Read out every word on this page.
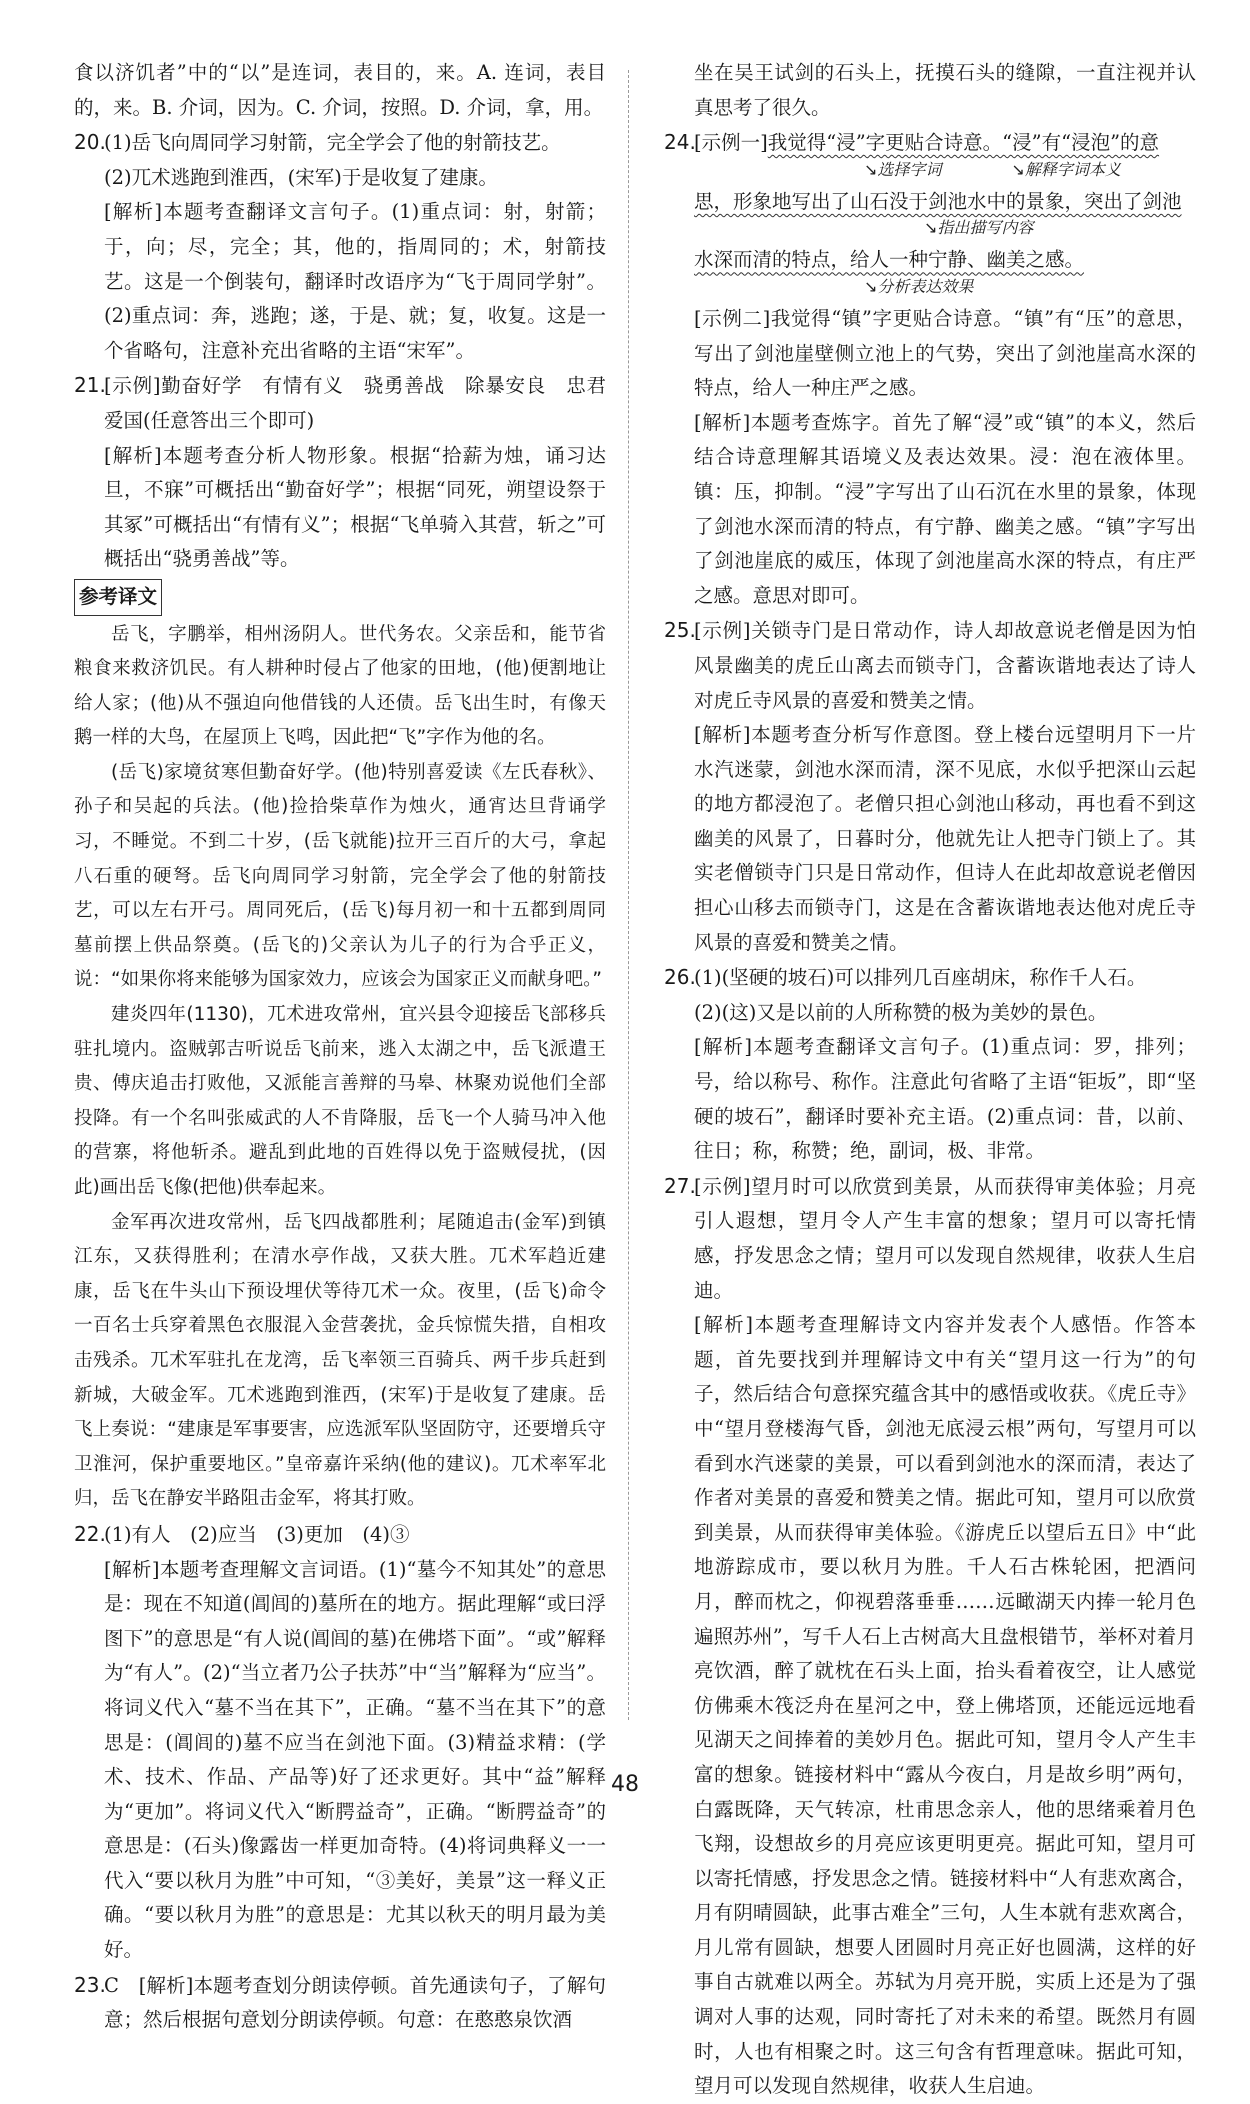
食以济饥者”中的“以”是连词，表目的，来。A. 连词，表目的，来。B. 介词，因为。C. 介词，按照。D. 介词，拿，用。

20.(1)岳飞向周同学习射箭，完全学会了他的射箭技艺。

(2)兀术逃跑到淮西，(宋军)于是收复了建康。

[ 解析 ] 本题考查翻译文言句子。(1)重点词：射，射箭；于，向；尽，完全；其，他的，指周同的；术，射箭技艺。这是一个倒装句，翻译时改语序为“飞于周同学射”。(2)重点词：奔，逃跑；遂，于是、就；复，收复。这是一个省略句，注意补充出省略的主语“宋军”。

21. [ 示例 ] 勤奋好学　有情有义　骁勇善战　除暴安良　忠君爱国(任意答出三个即可)

[ 解析 ] 本题考查分析人物形象。根据“拾薪为烛，诵习达旦，不寐”可概括出“勤奋好学”；根据“同死，朔望设祭于其冢”可概括出“有情有义”；根据“飞单骑入其营，斩之”可概括出“骁勇善战”等。

参考译文

岳飞，字鹏举，相州汤阴人。世代务农。父亲岳和，能节省粮食来救济饥民。有人耕种时侵占了他家的田地，(他)便割地让给人家；(他)从不强迫向他借钱的人还债。岳飞出生时，有像天鹅一样的大鸟，在屋顶上飞鸣，因此把“飞”字作为他的名。

(岳飞)家境贫寒但勤奋好学。(他)特别喜爱读《左氏春秋》、孙子和吴起的兵法。(他)捡拾柴草作为烛火，通宵达旦背诵学习，不睡觉。不到二十岁，(岳飞就能)拉开三百斤的大弓，拿起八石重的硬弩。岳飞向周同学习射箭，完全学会了他的射箭技艺，可以左右开弓。周同死后，(岳飞)每月初一和十五都到周同墓前摆上供品祭奠。(岳飞的)父亲认为儿子的行为合乎正义，说：“如果你将来能够为国家效力，应该会为国家正义而献身吧。”

建炎四年(1130)，兀术进攻常州，宜兴县令迎接岳飞部移兵驻扎境内。盗贼郭吉听说岳飞前来，逃入太湖之中，岳飞派遣王贵、傅庆追击打败他，又派能言善辩的马皋、林聚劝说他们全部投降。有一个名叫张威武的人不肯降服，岳飞一个人骑马冲入他的营寨，将他斩杀。避乱到此地的百姓得以免于盗贼侵扰，(因此)画出岳飞像(把他)供奉起来。

金军再次进攻常州，岳飞四战都胜利；尾随追击(金军)到镇江东，又获得胜利；在清水亭作战，又获大胜。兀术军趋近建康，岳飞在牛头山下预设埋伏等待兀术一众。夜里，(岳飞)命令一百名士兵穿着黑色衣服混入金营袭扰，金兵惊慌失措，自相攻击残杀。兀术军驻扎在龙湾，岳飞率领三百骑兵、两千步兵赶到新城，大破金军。兀术逃跑到淮西，(宋军)于是收复了建康。岳飞上奏说：“建康是军事要害，应选派军队坚固防守，还要增兵守卫淮河，保护重要地区。”皇帝嘉许采纳(他的建议)。兀术率军北归，岳飞在静安半路阻击金军，将其打败。

22.(1)有人　(2)应当　(3)更加　(4)③

[ 解析 ] 本题考查理解文言词语。(1)“墓今不知其处”的意思是：现在不知道(阊闾的)墓所在的地方。据此理解“或曰浮图下”的意思是“有人说(阊闾的墓)在佛塔下面”。“或”解释为“有人”。(2)“当立者乃公子扶苏”中“当”解释为“应当”。将词义代入“墓不当在其下”，正确。“墓不当在其下”的意思是：(阊闾的)墓不应当在剑池下面。(3)精益求精：(学术、技术、作品、产品等)好了还求更好。其中“益”解释为“更加”。将词义代入“断腭益奇”，正确。“断腭益奇”的意思是：(石头)像露齿一样更加奇特。(4)将词典释义一一代入“要以秋月为胜”中可知，“③美好，美景”这一释义正确。“要以秋月为胜”的意思是：尤其以秋天的明月最为美好。

23.C　 [ 解析 ] 本题考查划分朗读停顿。首先通读句子，了解句意；然后根据句意划分朗读停顿。句意：在憨憨泉饮酒

坐在吴王试剑的石头上，抚摸石头的缝隙，一直注视并认真思考了很久。

24. [ 示例一 ] 我觉得“浸”字更贴合诗意。“浸”有“浸泡”的意

↘选择字词	↘解释字词本义

思，形象地写出了山石没于剑池水中的景象，突出了剑池

↘指出描写内容

水深而清的特点，给人一种宁静、幽美之感。

↘分析表达效果

[ 示例二 ] 我觉得“镇”字更贴合诗意。“镇”有“压”的意思，写出了剑池崖壁侧立池上的气势，突出了剑池崖高水深的特点，给人一种庄严之感。

[ 解析 ] 本题考查炼字。首先了解“浸”或“镇”的本义，然后结合诗意理解其语境义及表达效果。浸：泡在液体里。镇：压，抑制。“浸”字写出了山石沉在水里的景象，体现了剑池水深而清的特点，有宁静、幽美之感。“镇”字写出了剑池崖底的威压，体现了剑池崖高水深的特点，有庄严之感。意思对即可。

25. [ 示例 ] 关锁寺门是日常动作，诗人却故意说老僧是因为怕风景幽美的虎丘山离去而锁寺门，含蓄诙谐地表达了诗人对虎丘寺风景的喜爱和赞美之情。

[ 解析 ] 本题考查分析写作意图。登上楼台远望明月下一片水汽迷蒙，剑池水深而清，深不见底，水似乎把深山云起的地方都浸泡了。老僧只担心剑池山移动，再也看不到这幽美的风景了，日暮时分，他就先让人把寺门锁上了。其实老僧锁寺门只是日常动作，但诗人在此却故意说老僧因担心山移去而锁寺门，这是在含蓄诙谐地表达他对虎丘寺风景的喜爱和赞美之情。

26.(1)(坚硬的坡石)可以排列几百座胡床，称作千人石。

(2)(这)又是以前的人所称赞的极为美妙的景色。

[ 解析 ] 本题考查翻译文言句子。(1)重点词：罗，排列；号，给以称号、称作。注意此句省略了主语“钜坂”，即“坚硬的坡石”，翻译时要补充主语。(2)重点词：昔，以前、往日；称，称赞；绝，副词，极、非常。

27. [ 示例 ] 望月时可以欣赏到美景，从而获得审美体验；月亮引人遐想，望月令人产生丰富的想象；望月可以寄托情感，抒发思念之情；望月可以发现自然规律，收获人生启迪。

[ 解析 ] 本题考查理解诗文内容并发表个人感悟。作答本题，首先要找到并理解诗文中有关“望月这一行为”的句子，然后结合句意探究蕴含其中的感悟或收获。《虎丘寺》中“望月登楼海气昏，剑池无底浸云根”两句，写望月可以看到水汽迷蒙的美景，可以看到剑池水的深而清，表达了作者对美景的喜爱和赞美之情。据此可知，望月可以欣赏到美景，从而获得审美体验。《游虎丘以望后五日》中“此地游踪成市，要以秋月为胜。千人石古株轮困，把酒问月，醉而枕之，仰视碧落垂垂……远瞰湖天内捧一轮月色遍照苏州”，写千人石上古树高大且盘根错节，举杯对着月亮饮酒，醉了就枕在石头上面，抬头看着夜空，让人感觉仿佛乘木筏泛舟在星河之中，登上佛塔顶，还能远远地看见湖天之间捧着的美妙月色。据此可知，望月令人产生丰富的想象。链接材料中“露从今夜白，月是故乡明”两句，白露既降，天气转凉，杜甫思念亲人，他的思绪乘着月色飞翔，设想故乡的月亮应该更明更亮。据此可知，望月可以寄托情感，抒发思念之情。链接材料中“人有悲欢离合，月有阴晴圆缺，此事古难全”三句，人生本就有悲欢离合，月儿常有圆缺，想要人团圆时月亮正好也圆满，这样的好事自古就难以两全。苏轼为月亮开脱，实质上还是为了强调对人事的达观，同时寄托了对未来的希望。既然月有圆时，人也有相聚之时。这三句含有哲理意味。据此可知，望月可以发现自然规律，收获人生启迪。

48
